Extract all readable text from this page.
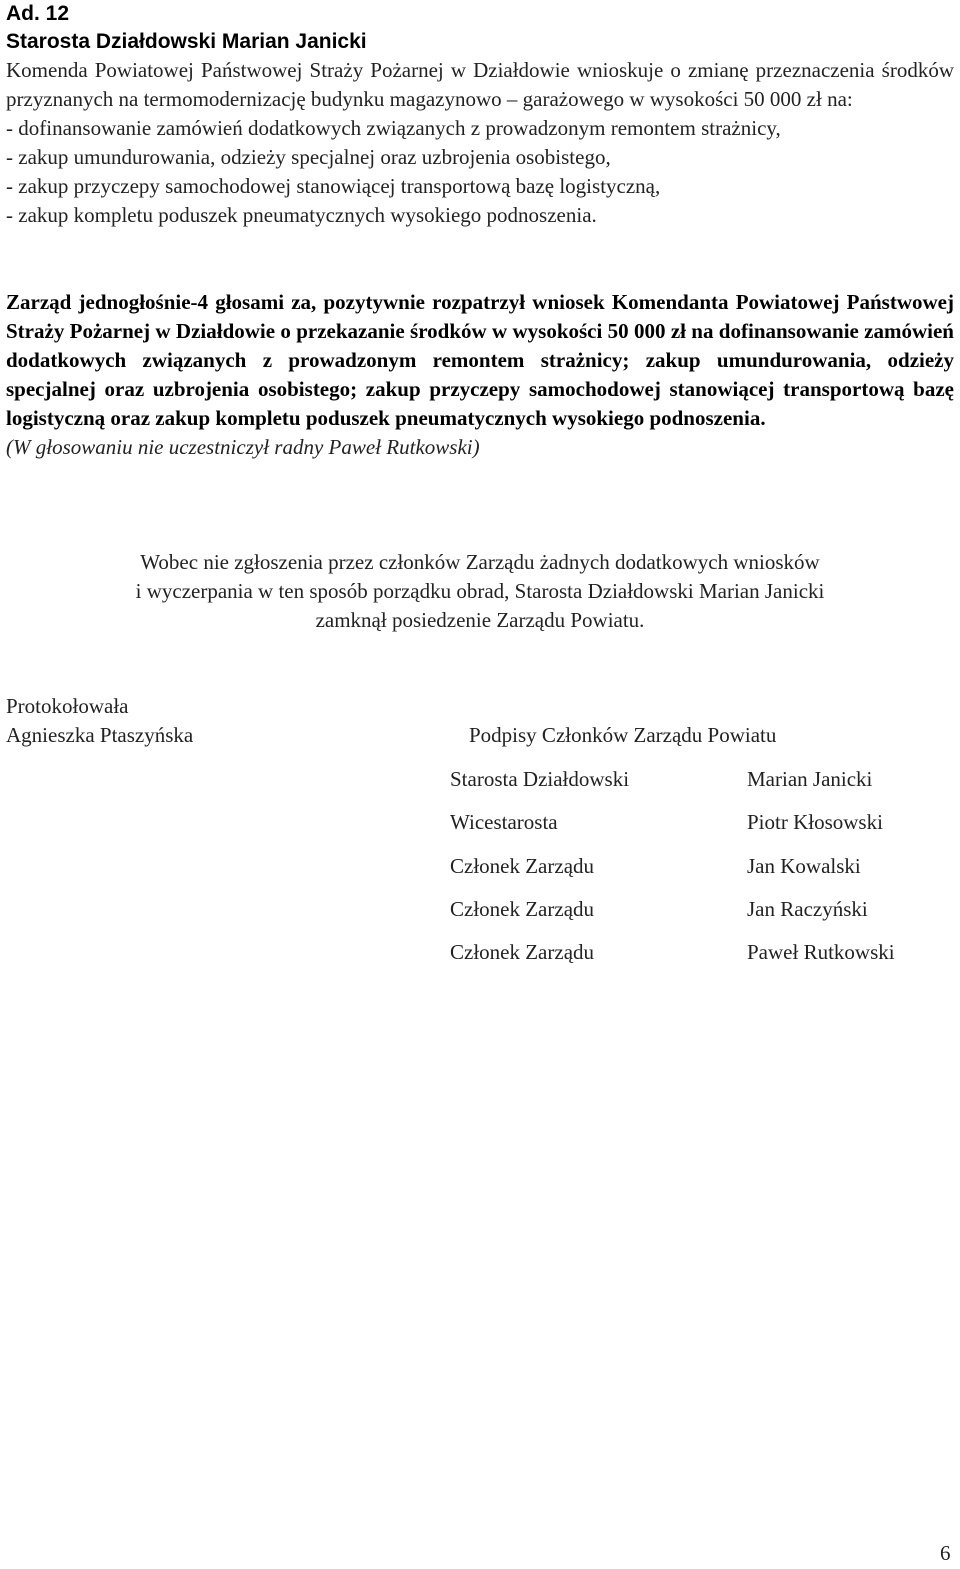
Ad. 12
Starosta Działdowski Marian Janicki

Komenda Powiatowej Państwowej Straży Pożarnej w Działdowie wnioskuje o zmianę przeznaczenia środków przyznanych na termomodernizację budynku magazynowo – garażowego w wysokości 50 000 zł na:

- dofinansowanie zamówień dodatkowych związanych z prowadzonym remontem strażnicy,

- zakup umundurowania, odzieży specjalnej oraz uzbrojenia osobistego,

- zakup przyczepy samochodowej stanowiącej transportową bazę logistyczną,

- zakup kompletu poduszek pneumatycznych wysokiego podnoszenia.

Zarząd jednogłośnie-4 głosami za, pozytywnie rozpatrzył wniosek Komendanta Powiatowej Państwowej Straży Pożarnej w Działdowie o przekazanie środków w wysokości 50 000 zł na dofinansowanie zamówień dodatkowych związanych z prowadzonym remontem strażnicy; zakup umundurowania, odzieży specjalnej oraz uzbrojenia osobistego; zakup przyczepy samochodowej stanowiącej transportową bazę logistyczną oraz zakup kompletu poduszek pneumatycznych wysokiego podnoszenia.

(W głosowaniu nie uczestniczył radny Paweł Rutkowski)

Wobec nie zgłoszenia przez członków Zarządu żadnych dodatkowych wniosków

i wyczerpania w ten sposób porządku obrad, Starosta Działdowski Marian Janicki

zamknął posiedzenie Zarządu Powiatu.

Protokołowała

Agnieszka Ptaszyńska	Podpisy Członków Zarządu Powiatu
Starosta Działdowski	Marian Janicki
Wicestarosta	Piotr Kłosowski
Członek Zarządu	Jan Kowalski
Członek Zarządu	Jan Raczyński
Członek Zarządu	Paweł Rutkowski
6
